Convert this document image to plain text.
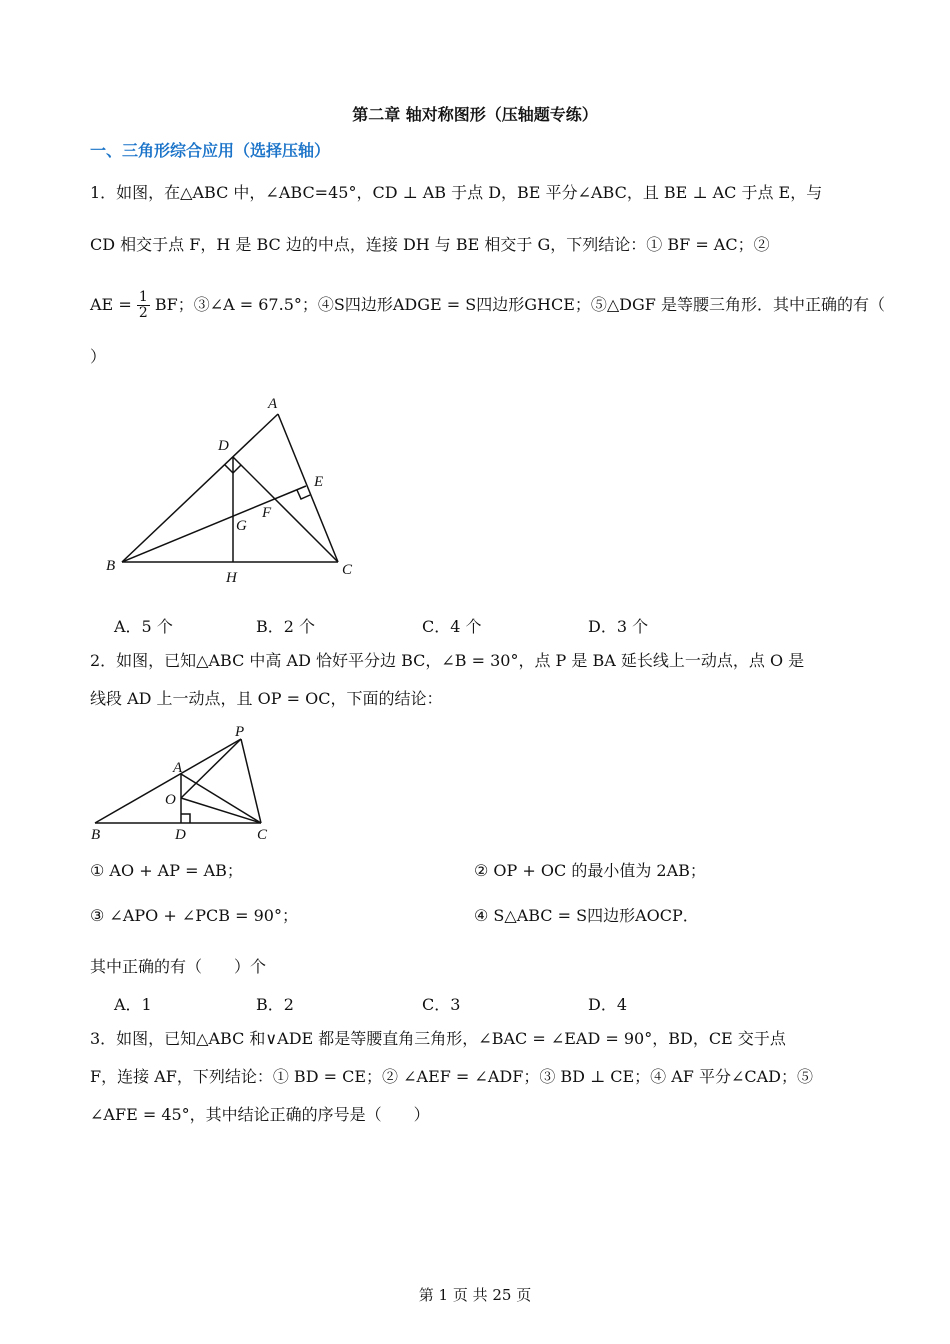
第二章 轴对称图形（压轴题专练）
一、三角形综合应用（选择压轴）
1．如图，在△ABC 中，∠ABC=45°，CD ⊥ AB 于点 D，BE 平分∠ABC，且 BE ⊥ AC 于点 E，与
CD 相交于点 F，H 是 BC 边的中点，连接 DH 与 BE 相交于 G，下列结论：① BF = AC；②
AE = $\frac{1}{2}$ BF；③∠A = 67.5°；④S四边形ADGE = S四边形GHCE；⑤△DGF 是等腰三角形．其中正确的有（
）
A
D
E
F
G
B
H	C
A．5 个	B．2 个	C．4 个	D．3 个
2．如图，已知△ABC 中高 AD 恰好平分边 BC，∠B = 30°，点 P 是 BA 延长线上一动点，点 O 是
线段 AD 上一动点，且 OP = OC，下面的结论：
P
A
O
B	D	C
① AO + AP = AB；	② OP + OC 的最小值为 2AB；
③ ∠APO + ∠PCB = 90°；	④ S△ABC = S四边形AOCP．
其中正确的有（　　）个
A．1	B．2	C．3	D．4
3．如图，已知△ABC 和∨ADE 都是等腰直角三角形，∠BAC = ∠EAD = 90°，BD，CE 交于点
F，连接 AF，下列结论：① BD = CE；② ∠AEF = ∠ADF；③ BD ⊥ CE；④ AF 平分∠CAD；⑤
∠AFE = 45°，其中结论正确的序号是（　　）
第 1 页 共 25 页
